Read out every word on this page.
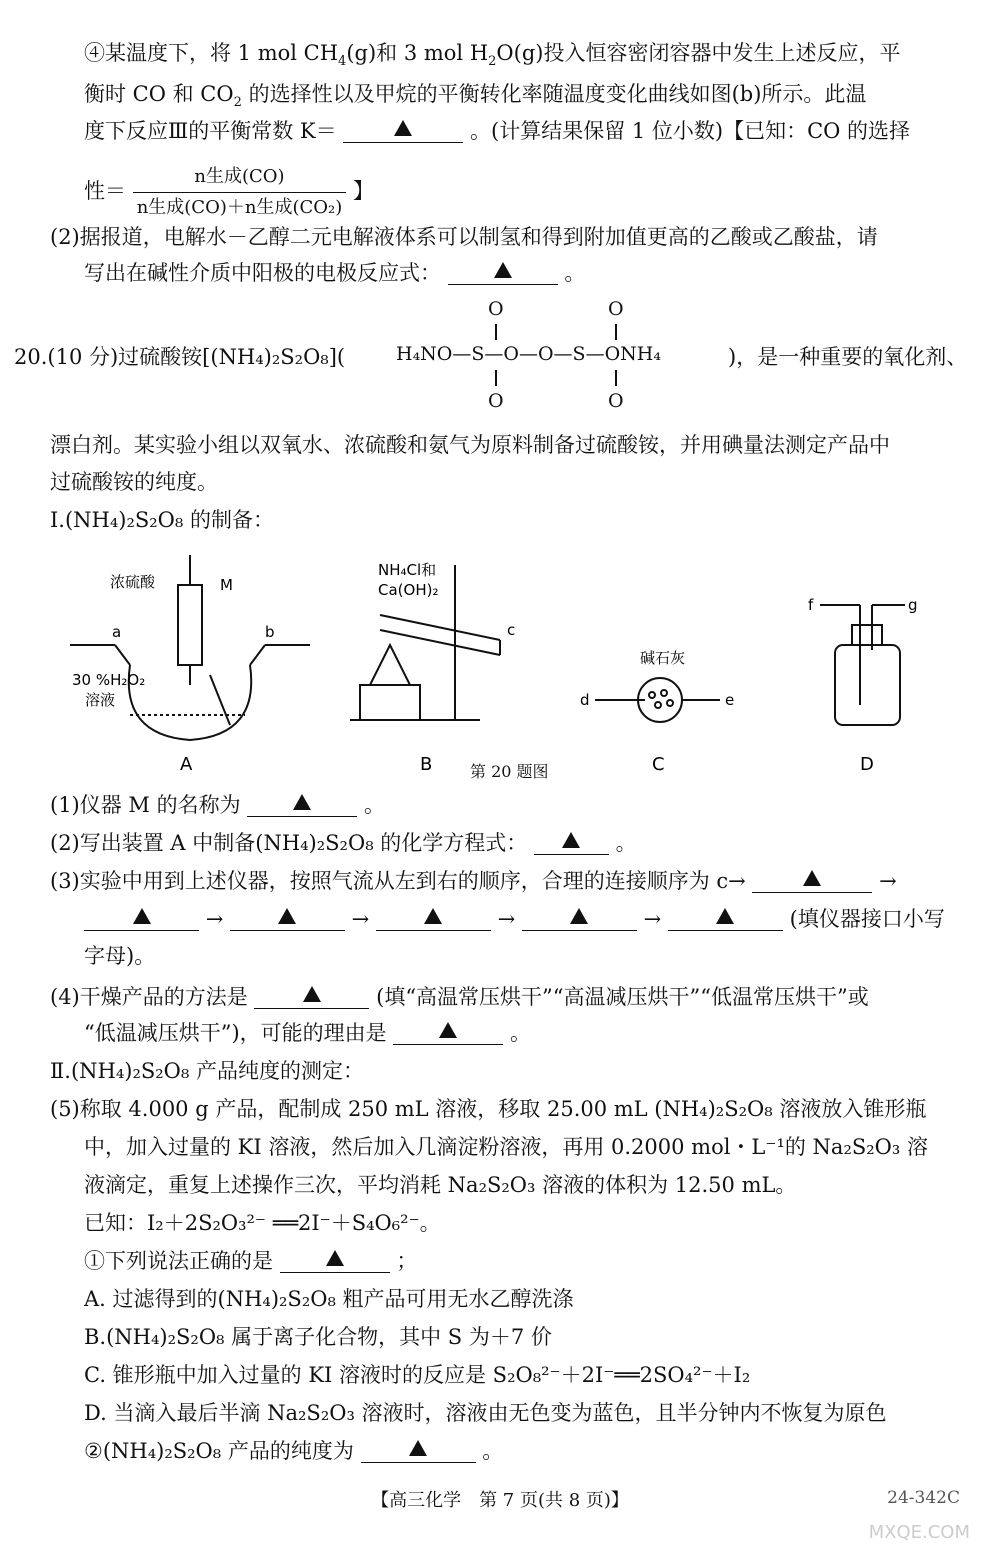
④某温度下，将 1 mol $CH_4(g)$和 3 mol $H_2O(g)$投入恒容密闭容器中发生上述反应，平
衡时 CO 和 $CO_2$ 的选择性以及甲烷的平衡转化率随温度变化曲线如图(b)所示。此温
度下反应Ⅲ的平衡常数 K＝	。(计算结果保留 1 位小数)【已知：CO 的选择
性＝ $\frac{\text{n生成(CO)}}{\text{n生成(CO)＋n生成(CO₂)}}$ 】
(2)据报道，电解水－乙醇二元电解液体系可以制氢和得到附加值更高的乙酸或乙酸盐，请
写出在碱性介质中阳极的电极反应式：	。
20.(10 分)过硫酸铵[(NH₄)₂S₂O₈](
O	O
H₄NO—S—O—O—S—ONH₄
O	O
)，是一种重要的氧化剂、
漂白剂。某实验小组以双氧水、浓硫酸和氨气为原料制备过硫酸铵，并用碘量法测定产品中
过硫酸铵的纯度。
Ⅰ.(NH₄)₂S₂O₈ 的制备：
浓硫酸	M
a	b
30 %H₂O₂
溶液
A
NH₄Cl和
Ca(OH)₂
c
B
碱石灰
d	e
C
f	g
D
第 20 题图
(1)仪器 M 的名称为	。
(2)写出装置 A 中制备(NH₄)₂S₂O₈ 的化学方程式：	。
(3)实验中用到上述仪器，按照气流从左到右的顺序，合理的连接顺序为 c→	→
→	→	→	→	(填仪器接口小写
字母)。
(4)干燥产品的方法是	(填“高温常压烘干”“高温减压烘干”“低温常压烘干”或
“低温减压烘干”)，可能的理由是	。
Ⅱ.(NH₄)₂S₂O₈ 产品纯度的测定：
(5)称取 4.000 g 产品，配制成 250 mL 溶液，移取 25.00 mL (NH₄)₂S₂O₈ 溶液放入锥形瓶
中，加入过量的 KI 溶液，然后加入几滴淀粉溶液，再用 0.2000 mol・L⁻¹的 Na₂S₂O₃ 溶
液滴定，重复上述操作三次，平均消耗 Na₂S₂O₃ 溶液的体积为 12.50 mL。
已知：I₂＋2S₂O₃²⁻ ══2I⁻＋S₄O₆²⁻。
①下列说法正确的是	；
A. 过滤得到的(NH₄)₂S₂O₈ 粗产品可用无水乙醇洗涤
B.(NH₄)₂S₂O₈ 属于离子化合物，其中 S 为＋7 价
C. 锥形瓶中加入过量的 KI 溶液时的反应是 S₂O₈²⁻＋2I⁻══2SO₄²⁻＋I₂
D. 当滴入最后半滴 Na₂S₂O₃ 溶液时，溶液由无色变为蓝色，且半分钟内不恢复为原色
②(NH₄)₂S₂O₈ 产品的纯度为	。
【高三化学　第 7 页(共 8 页)】	24-342C
MXQE.COM
